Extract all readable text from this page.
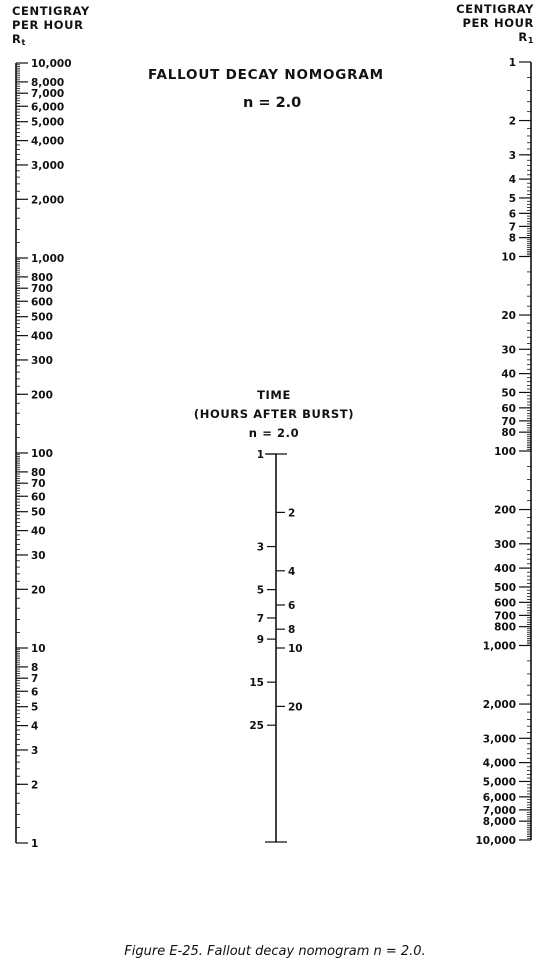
CENTIGRAY
PER HOUR
$R_t$
CENTIGRAY
PER HOUR
$R_1$
FALLOUT DECAY NOMOGRAM
n = 2.0
TIME
(HOURS AFTER BURST)
n = 2.0
10,000
8,000
7,000
6,000
5,000
4,000
3,000
2,000
1,000
800
700
600
500
400
300
200
100
80
70
60
50
40
30
20
10
8
7
6
5
4
3
2
1
1
2
3
4
5
6
7
8
10
20
30
40
50
60
70
80
100
200
300
400
500
600
700
800
1,000
2,000
3,000
4,000
5,000
6,000
7,000
8,000
10,000
1
3
5
7
9
15
25
2
4
6
8
10
20
Figure E-25. Fallout decay nomogram n = 2.0.
